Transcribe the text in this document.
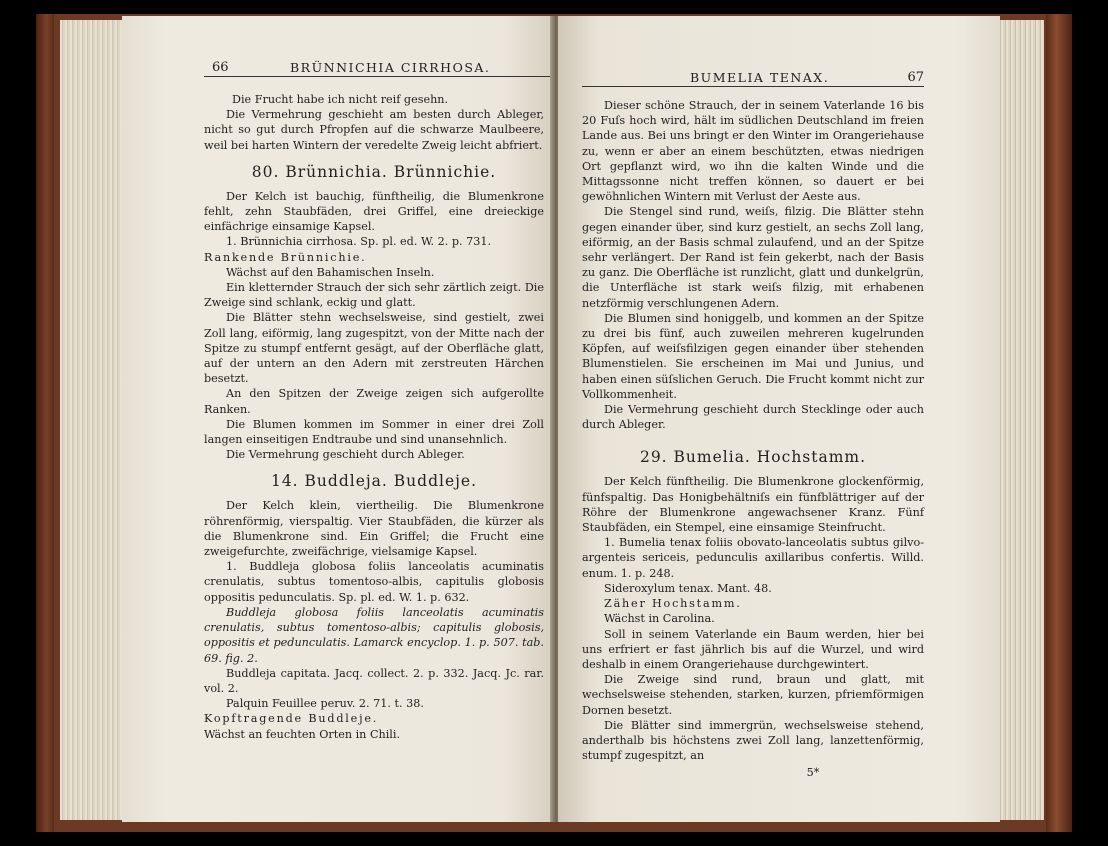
66	BRÜNNICHIA CIRRHOSA.

Die Frucht habe ich nicht reif gesehn.

Die Vermehrung geschieht am besten durch Ableger, nicht so gut durch Pfropfen auf die schwarze Maulbeere, weil bei harten Wintern der veredelte Zweig leicht abfriert.

80. Brünnichia. Brünnichie.

Der Kelch ist bauchig, fünftheilig, die Blumenkrone fehlt, zehn Staubfäden, drei Griffel, eine dreieckige einfächrige einsamige Kapsel.

1. Brünnichia cirrhosa. Sp. pl. ed. W. 2. p. 731.

Rankende Brünnichie.

Wächst auf den Bahamischen Inseln.

Ein kletternder Strauch der sich sehr zärtlich zeigt. Die Zweige sind schlank, eckig und glatt.

Die Blätter stehn wechselsweise, sind gestielt, zwei Zoll lang, eiförmig, lang zugespitzt, von der Mitte nach der Spitze zu stumpf entfernt gesägt, auf der Oberfläche glatt, auf der untern an den Adern mit zerstreuten Härchen besetzt.

An den Spitzen der Zweige zeigen sich aufgerollte Ranken.

Die Blumen kommen im Sommer in einer drei Zoll langen einseitigen Endtraube und sind unansehnlich.

Die Vermehrung geschieht durch Ableger.

14. Buddleja. Buddleje.

Der Kelch klein, viertheilig. Die Blumenkrone röhrenförmig, vierspaltig. Vier Staubfäden, die kürzer als die Blumenkrone sind. Ein Griffel; die Frucht eine zweigefurchte, zweifächrige, vielsamige Kapsel.

1. Buddleja globosa foliis lanceolatis acuminatis crenulatis, subtus tomentoso-albis, capitulis globosis oppositis pedunculatis. Sp. pl. ed. W. 1. p. 632.

Buddleja globosa foliis lanceolatis acuminatis crenulatis, subtus tomentoso-albis; capitulis globosis, oppositis et pedunculatis. Lamarck encyclop. 1. p. 507. tab. 69. fig. 2.

Buddleja capitata. Jacq. collect. 2. p. 332. Jacq. Jc. rar. vol. 2.

Palquin Feuillee peruv. 2. 71. t. 38.

Kopftragende Buddleje.

Wächst an feuchten Orten in Chili.

BUMELIA TENAX.	67

Dieser schöne Strauch, der in seinem Vaterlande 16 bis 20 Fuſs hoch wird, hält im südlichen Deutschland im freien Lande aus. Bei uns bringt er den Winter im Orangeriehause zu, wenn er aber an einem beschützten, etwas niedrigen Ort gepflanzt wird, wo ihn die kalten Winde und die Mittagssonne nicht treffen können, so dauert er bei gewöhnlichen Wintern mit Verlust der Aeste aus.

Die Stengel sind rund, weiſs, filzig. Die Blätter stehn gegen einander über, sind kurz gestielt, an sechs Zoll lang, eiförmig, an der Basis schmal zulaufend, und an der Spitze sehr verlängert. Der Rand ist fein gekerbt, nach der Basis zu ganz. Die Oberfläche ist runzlicht, glatt und dunkelgrün, die Unterfläche ist stark weiſs filzig, mit erhabenen netzförmig verschlungenen Adern.

Die Blumen sind honiggelb, und kommen an der Spitze zu drei bis fünf, auch zuweilen mehreren kugelrunden Köpfen, auf weiſsfilzigen gegen einander über stehenden Blumenstielen. Sie erscheinen im Mai und Junius, und haben einen süſslichen Geruch. Die Frucht kommt nicht zur Vollkommenheit.

Die Vermehrung geschieht durch Stecklinge oder auch durch Ableger.

29. Bumelia. Hochstamm.

Der Kelch fünftheilig. Die Blumenkrone glockenförmig, fünfspaltig. Das Honigbehältniſs ein fünfblättriger auf der Röhre der Blumenkrone angewachsener Kranz. Fünf Staubfäden, ein Stempel, eine einsamige Steinfrucht.

1. Bumelia tenax foliis obovato-lanceolatis subtus gilvo-argenteis sericeis, pedunculis axillaribus confertis. Willd. enum. 1. p. 248.

Sideroxylum tenax. Mant. 48.

Zäher Hochstamm.

Wächst in Carolina.

Soll in seinem Vaterlande ein Baum werden, hier bei uns erfriert er fast jährlich bis auf die Wurzel, und wird deshalb in einem Orangeriehause durchgewintert.

Die Zweige sind rund, braun und glatt, mit wechselsweise stehenden, starken, kurzen, pfriemförmigen Dornen besetzt.

Die Blätter sind immergrün, wechselsweise stehend, anderthalb bis höchstens zwei Zoll lang, lanzettenförmig, stumpf zugespitzt, an

5*
